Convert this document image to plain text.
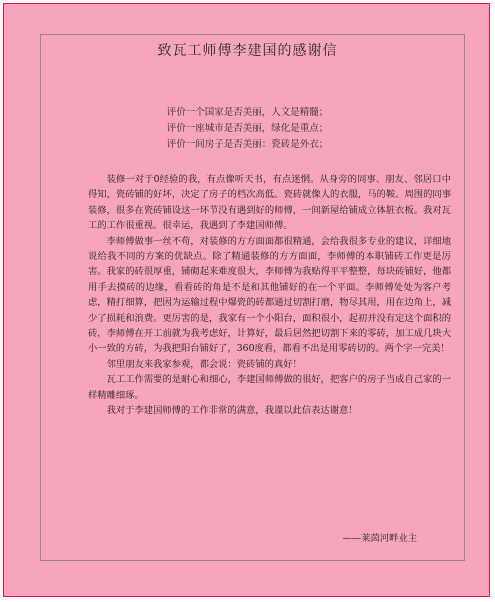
致瓦工师傅李建国的感谢信
评价一个国家是否美丽，人文是精髓；
评价一座城市是否美丽，绿化是重点；
评价一间房子是否美丽：瓷砖是外衣；

装修一对于0经验的我，有点像听天书，有点迷惘。从身旁的同事、朋友、邻居口中得知，瓷砖铺的好坏，决定了房子的档次高低。瓷砖就像人的衣服，马的鞍。周围的同事装修，很多在瓷砖铺设这一环节没有遇到好的师傅，一间新屋给铺成立体脏衣板。我对瓦工的工作很重视。很幸运，我遇到了李建国师傅。

李师傅做事一丝不苟，对装修的方方面面都很精通，会给我很多专业的建议，详细地说给我不同的方案的优缺点。除了精通装修的方方面面，李师傅的本职铺砖工作更是厉害。我家的砖很厚重，铺砌起来难度很大，李师傅为我贴得平平整整，每块砖铺好，他都用手去摸砖的边缘，看看砖的角是不是和其他铺好的在一个平面。李师傅处处为客户考虑，精打细算，把因为运输过程中爆瓷的砖都通过切割打磨，物尽其用，用在边角上，减少了损耗和浪费。更厉害的是，我家有一个小阳台，面积很小，起初并没有定这个面积的砖，李师傅在开工前就为我考虑好，计算好，最后居然把切割下来的零砖，加工成几块大小一致的方砖，为我把阳台铺好了，360度看，都看不出是用零砖切的。两个字一完美！

邻里朋友来我家参观，都会说：瓷砖铺的真好！

瓦工工作需要的是耐心和细心，李建国师傅做的很好，把客户的房子当成自己家的一样精雕细琢。

我对于李建国师傅的工作非常的满意，我谨以此信表达谢意！

——莱茵河畔业主
